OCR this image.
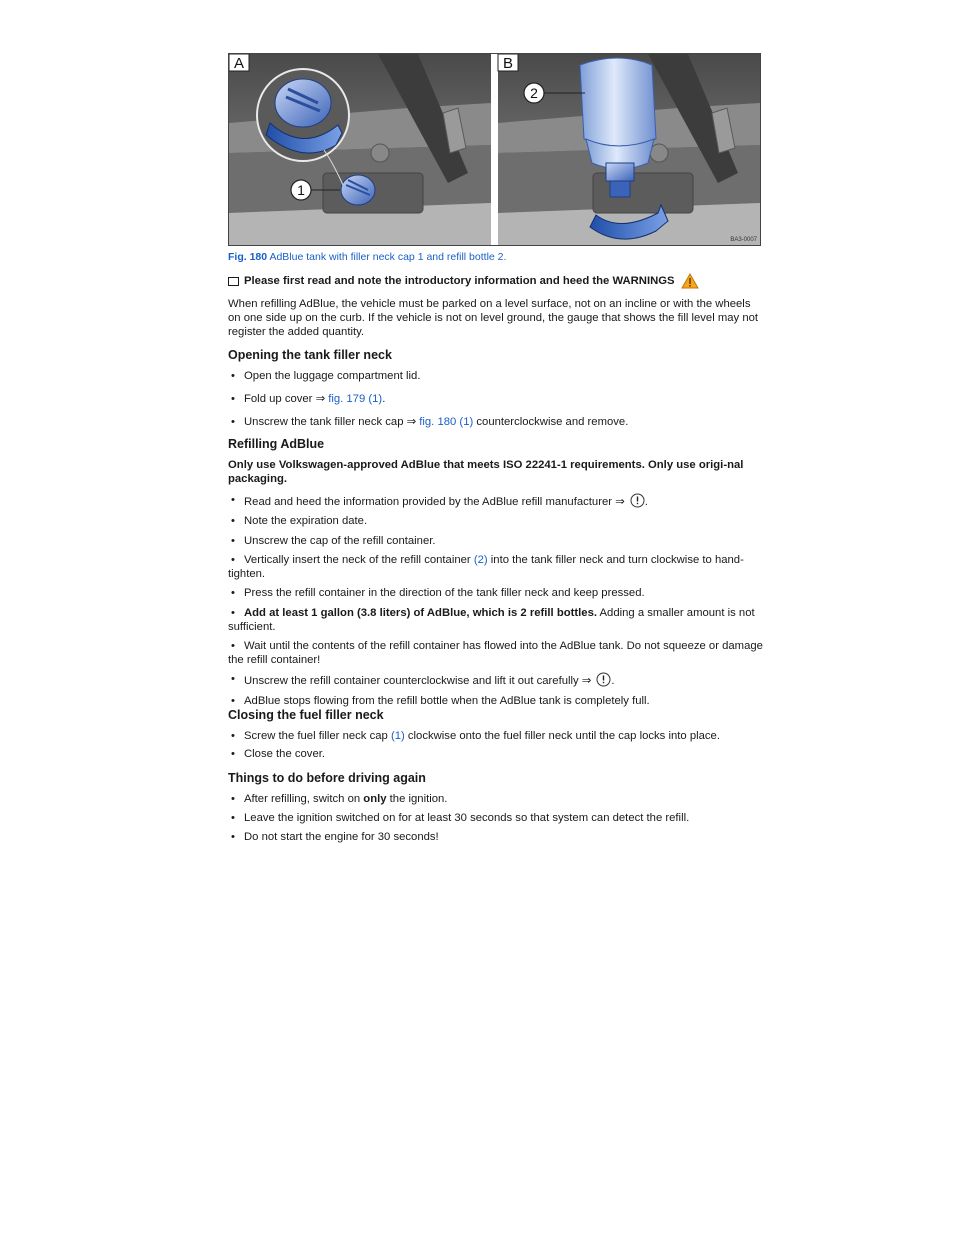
1
A
2
B
BA3-0007
Fig. 180 AdBlue tank with filler neck cap 1 and refill bottle 2.
Please first read and note the introductory information and heed the WARNINGS
When refilling AdBlue, the vehicle must be parked on a level surface, not on an incline or with the wheels on one side up on the curb. If the vehicle is not on level ground, the gauge that shows the fill level may not register the added quantity.
Opening the tank filler neck
• Open the luggage compartment lid.
• Fold up cover ⇒ fig. 179 (1).
• Unscrew the tank filler neck cap ⇒ fig. 180 (1) counterclockwise and remove.
Refilling AdBlue
Only use Volkswagen-approved AdBlue that meets ISO 22241-1 requirements. Only use origi-nal packaging.
• Read and heed the information provided by the AdBlue refill manufacturer ⇒ .
• Note the expiration date.
• Unscrew the cap of the refill container.
• Vertically insert the neck of the refill container (2) into the tank filler neck and turn clockwise to hand-tighten.
• Press the refill container in the direction of the tank filler neck and keep pressed.
• Add at least 1 gallon (3.8 liters) of AdBlue, which is 2 refill bottles. Adding a smaller amount is not sufficient.
• Wait until the contents of the refill container has flowed into the AdBlue tank. Do not squeeze or damage the refill container!
• Unscrew the refill container counterclockwise and lift it out carefully ⇒ .
• AdBlue stops flowing from the refill bottle when the AdBlue tank is completely full.
Closing the fuel filler neck
• Screw the fuel filler neck cap (1) clockwise onto the fuel filler neck until the cap locks into place.
• Close the cover.
Things to do before driving again
• After refilling, switch on only the ignition.
• Leave the ignition switched on for at least 30 seconds so that system can detect the refill.
• Do not start the engine for 30 seconds!
